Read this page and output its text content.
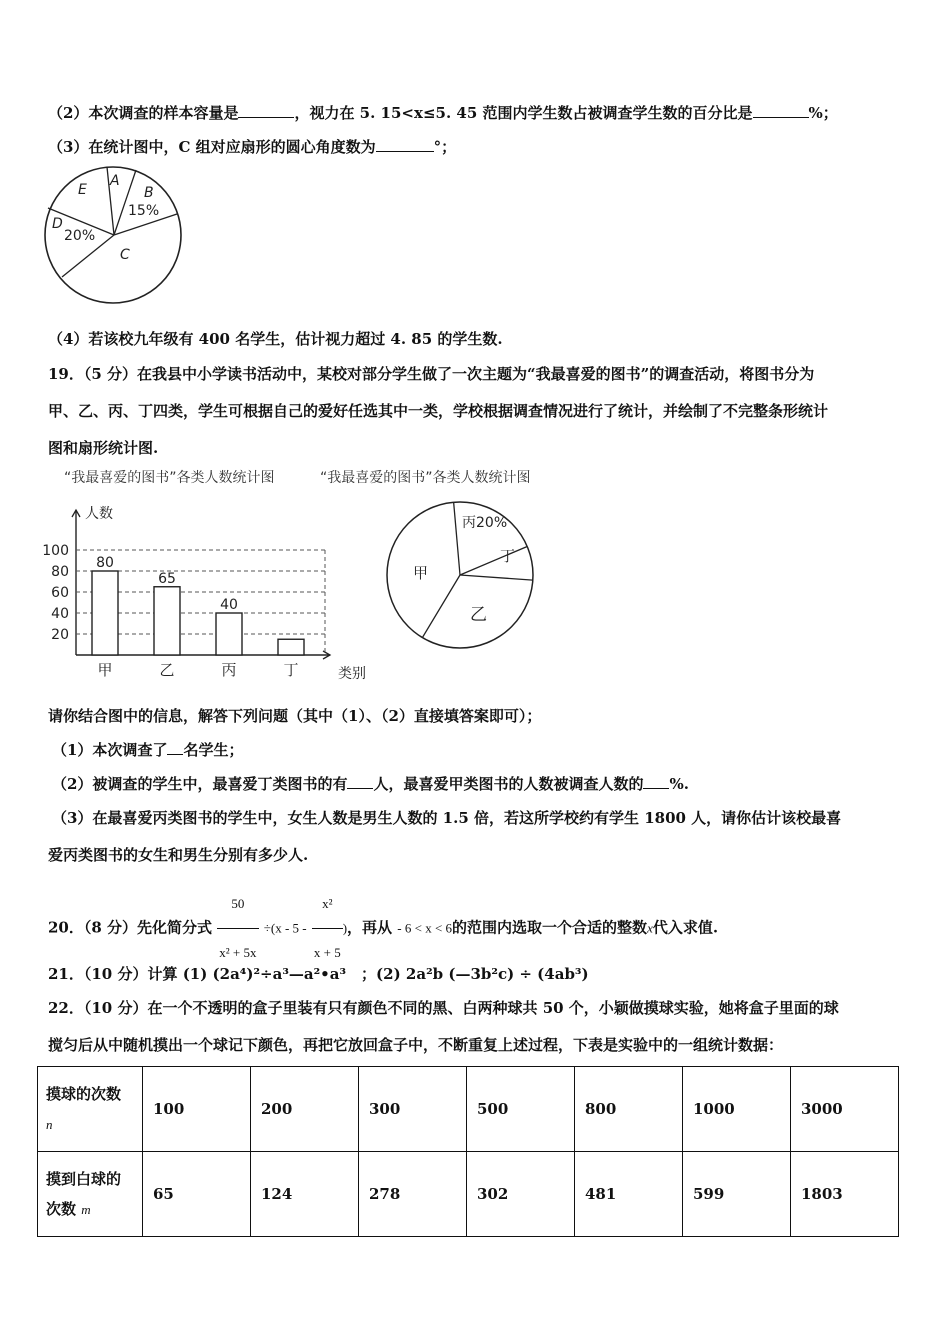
（2）本次调查的样本容量是	，视力在 5. 15<x≤5. 45 范围内学生数占被调查学生数的百分比是	%；
（3）在统计图中，C 组对应扇形的圆心角度数为	°；
E
A
B
15%
D
20%
C
（4）若该校九年级有 400 名学生，估计视力超过 4. 85 的学生数.
19．（5 分）在我县中小学读书活动中，某校对部分学生做了一次主题为“我最喜爱的图书”的调查活动，将图书分为
甲、乙、丙、丁四类，学生可根据自己的爱好任选其中一类，学校根据调查情况进行了统计，并绘制了不完整条形统计
图和扇形统计图.
“我最喜爱的图书”各类人数统计图	“我最喜爱的图书”各类人数统计图
人数
类别
20
40
60
80
100
80
甲
65
乙
40
丙	丁
丙20%
丁
甲
乙
请你结合图中的信息，解答下列问题（其中（1）、（2）直接填答案即可）；
（1）本次调查了 名学生；
（2）被调查的学生中，最喜爱丁类图书的有 人，最喜爱甲类图书的人数被调查人数的 %.
（3）在最喜爱丙类图书的学生中，女生人数是男生人数的 1.5 倍，若这所学校约有学生 1800 人，请你估计该校最喜
爱丙类图书的女生和男生分别有多少人.
20．（8 分）先化简分式 $\frac{50}{\text{x² + 5x}} \div(x - 5 - \frac{\text{x²}}{x + 5}$ )，再从 - 6 < x < 6的范围内选取一个合适的整数x代入求值.
21．（10 分）计算 (1) (2a⁴)²÷a³—a²•a³　；(2) 2a²b (—3b²c) ÷ (4ab³)
22．（10 分）在一个不透明的盒子里装有只有颜色不同的黑、白两种球共 50 个，小颖做摸球实验，她将盒子里面的球
搅匀后从中随机摸出一个球记下颜色，再把它放回盒子中，不断重复上述过程，下表是实验中的一组统计数据：
摸球的次数
n	100	200	300	500	800	1000	3000
摸到白球的
次数 m	65	124	278	302	481	599	1803
